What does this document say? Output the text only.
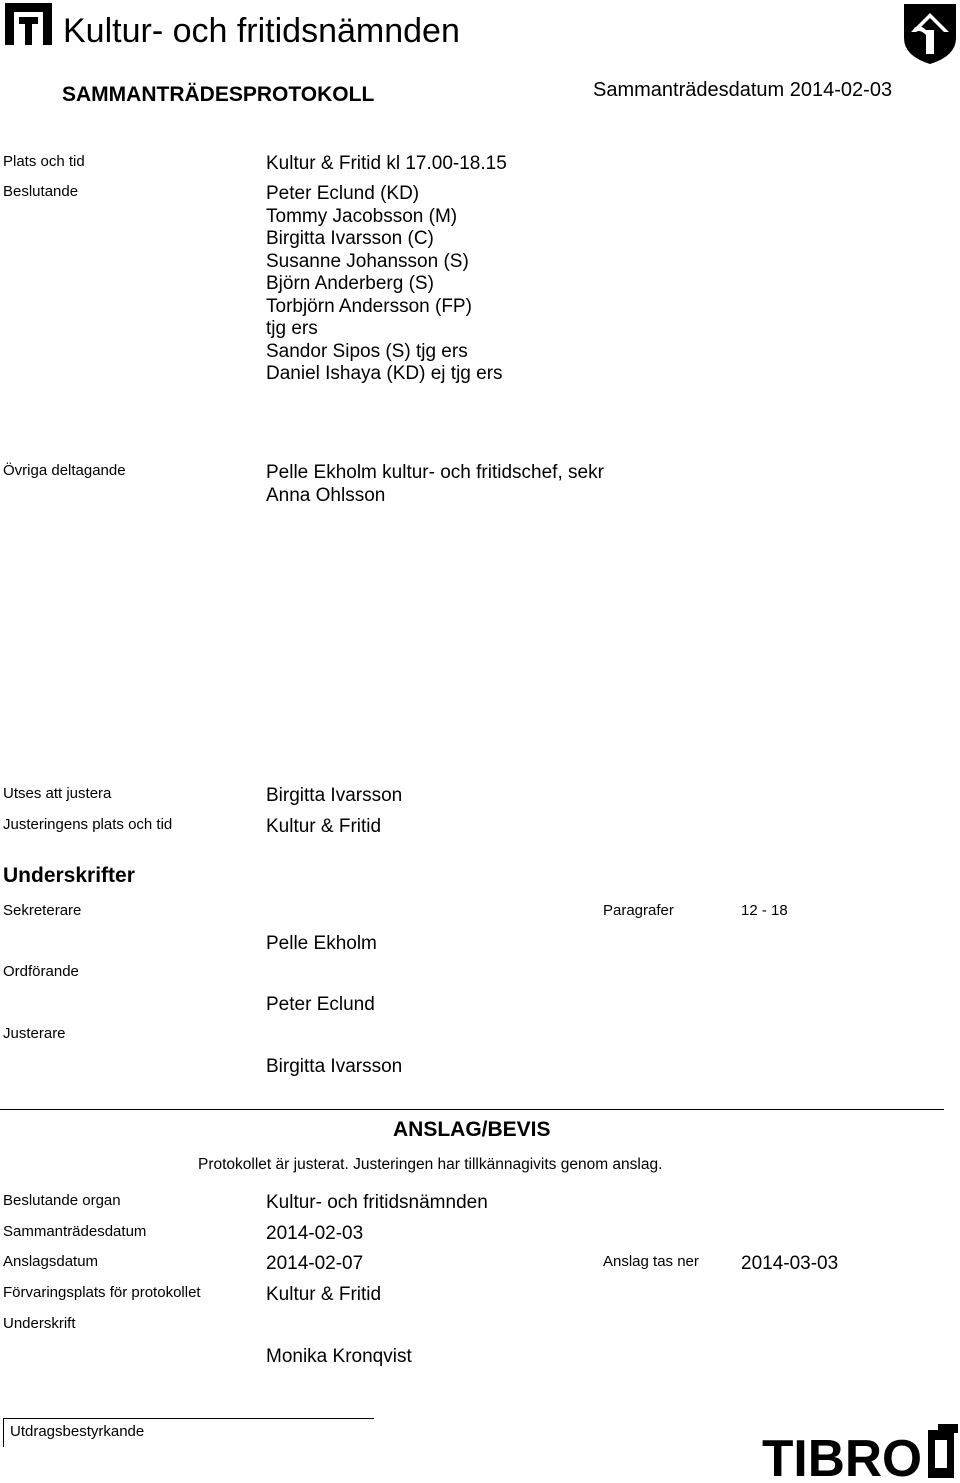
Kultur- och fritidsnämnden
SAMMANTRÄDESPROTOKOLL	Sammanträdesdatum 2014-02-03
Plats och tid	Kultur & Fritid kl 17.00-18.15
Beslutande	Peter Eclund (KD)
Tommy Jacobsson (M)
Birgitta Ivarsson (C)
Susanne Johansson (S)
Björn Anderberg (S)
Torbjörn Andersson (FP)
tjg ers
Sandor Sipos (S) tjg ers
Daniel Ishaya (KD) ej tjg ers
Övriga deltagande	Pelle Ekholm kultur- och fritidschef, sekr
Anna Ohlsson
Utses att justera	Birgitta Ivarsson
Justeringens plats och tid	Kultur & Fritid
Underskrifter
Sekreterare	Paragrafer	12 - 18
Pelle Ekholm
Ordförande
Peter Eclund
Justerare
Birgitta Ivarsson
ANSLAG/BEVIS
Protokollet är justerat. Justeringen har tillkännagivits genom anslag.
Beslutande organ	Kultur- och fritidsnämnden
Sammanträdesdatum	2014-02-03
Anslagsdatum	2014-02-07	Anslag tas ner 2014-03-03
Förvaringsplats för protokollet	Kultur & Fritid
Underskrift
Monika Kronqvist
Utdragsbestyrkande	TIBRO
